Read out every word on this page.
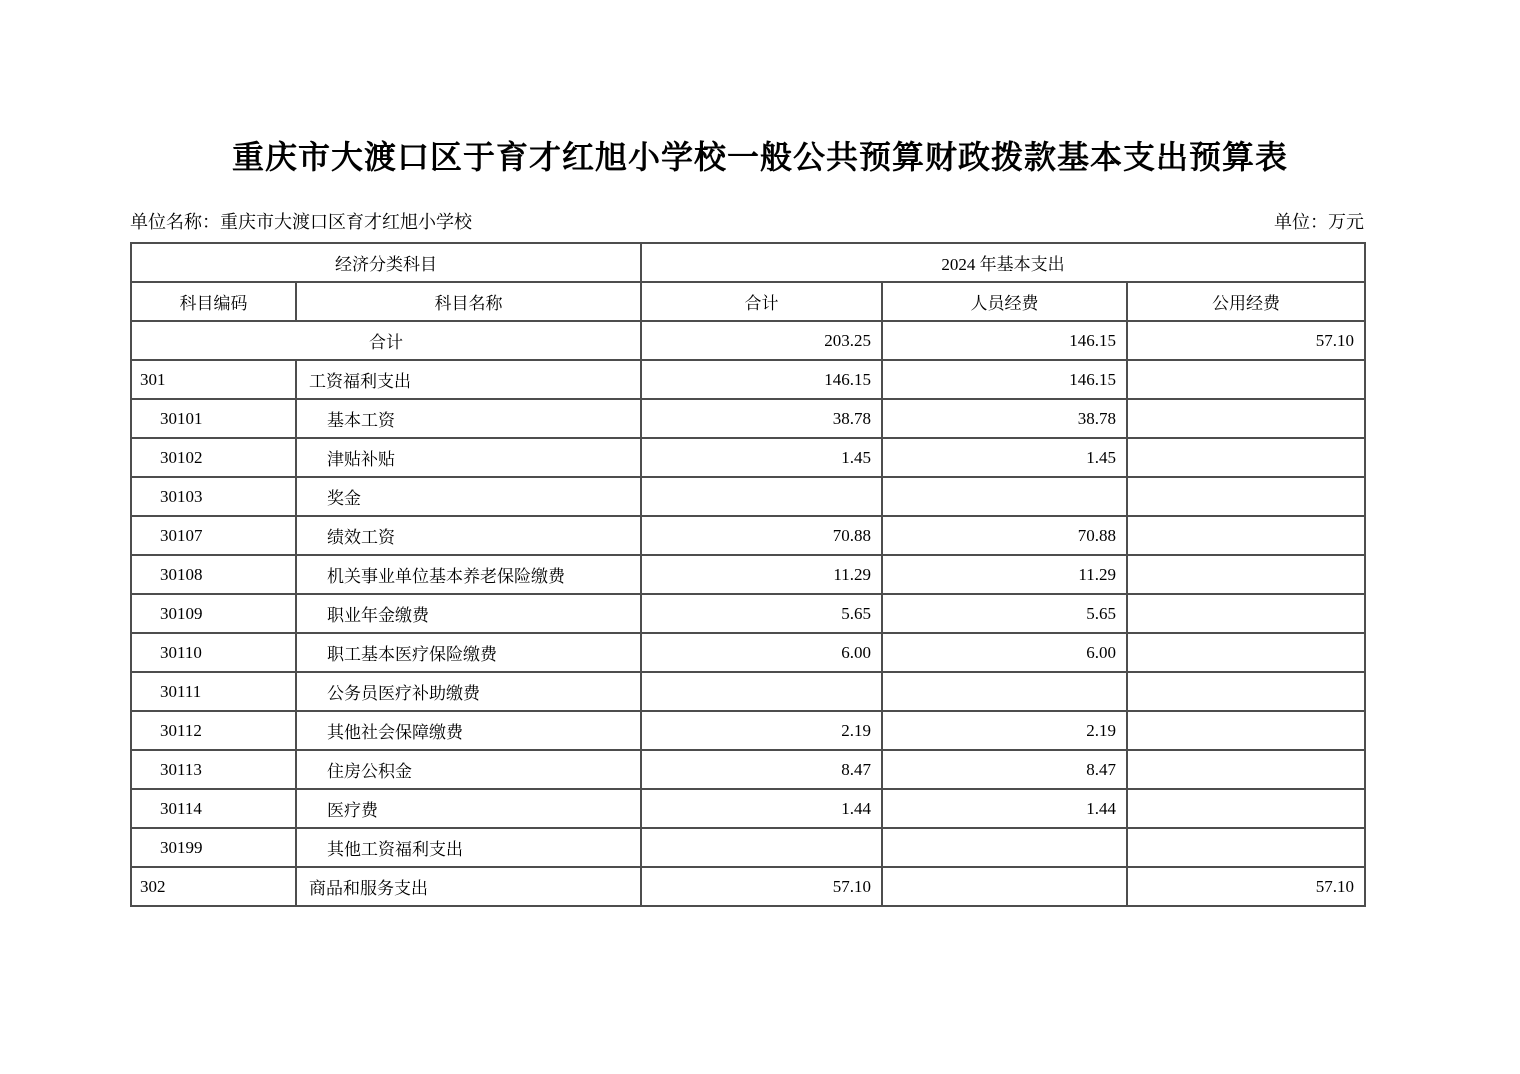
重庆市大渡口区于育才红旭小学校一般公共预算财政拨款基本支出预算表
单位名称：重庆市大渡口区育才红旭小学校	单位：万元
经济分类科目		2024 年基本支出		
科目编码	科目名称	合计	人员经费	公用经费
合计		203.25	146.15	57.10
301	工资福利支出	146.15	146.15	
30101	基本工资	38.78	38.78	
30102	津贴补贴	1.45	1.45	
30103	奖金			
30107	绩效工资	70.88	70.88	
30108	机关事业单位基本养老保险缴费	11.29	11.29	
30109	职业年金缴费	5.65	5.65	
30110	职工基本医疗保险缴费	6.00	6.00	
30111	公务员医疗补助缴费			
30112	其他社会保障缴费	2.19	2.19	
30113	住房公积金	8.47	8.47	
30114	医疗费	1.44	1.44	
30199	其他工资福利支出			
302	商品和服务支出	57.10		57.10
